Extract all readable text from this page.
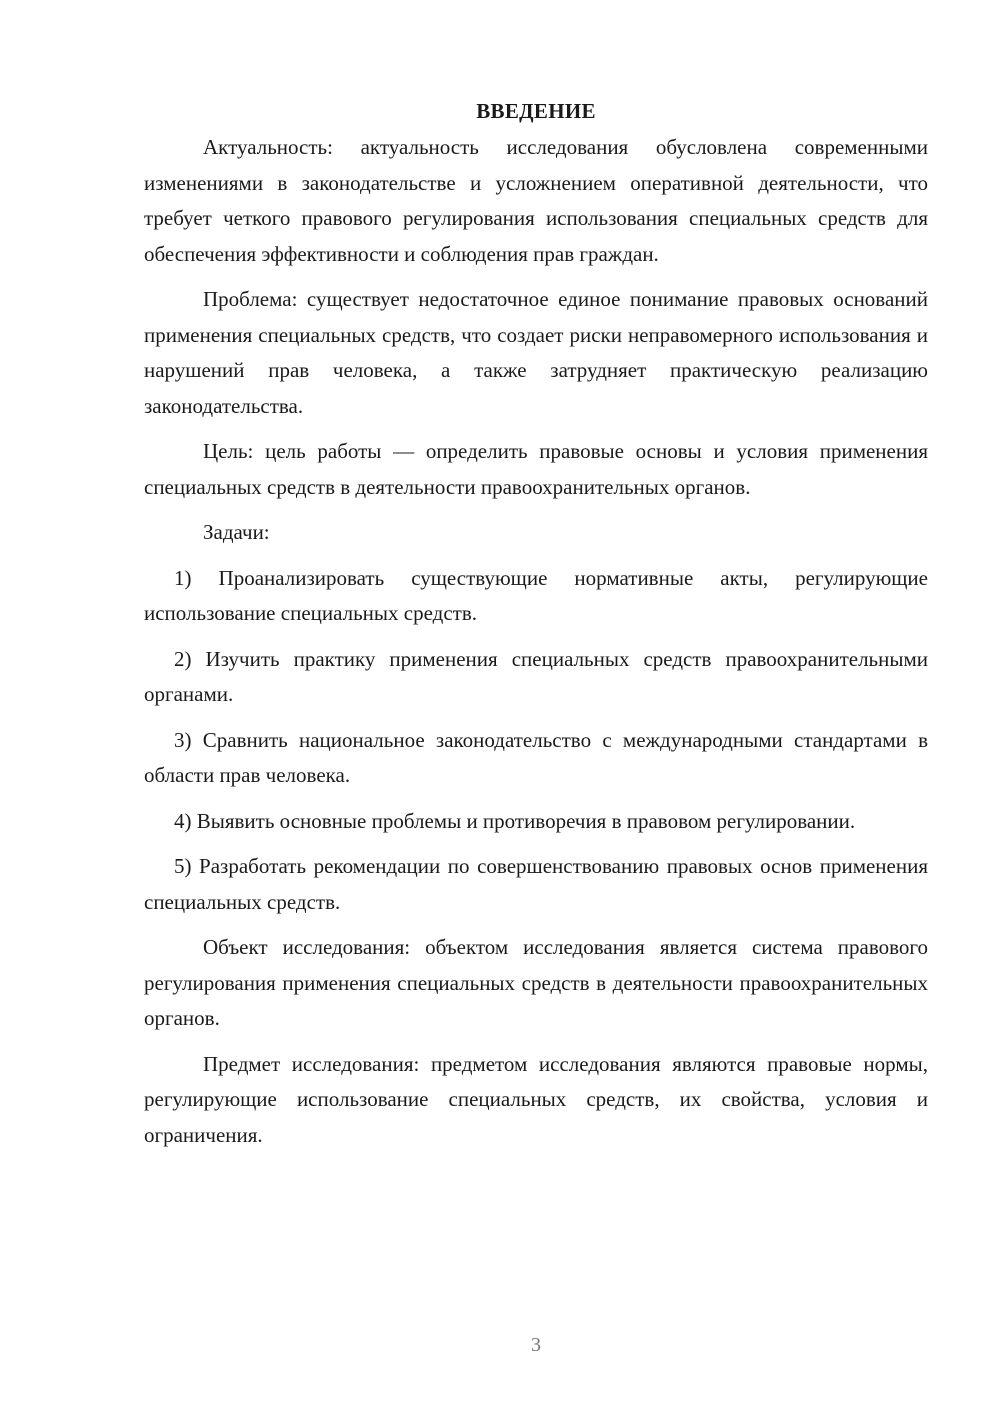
ВВЕДЕНИЕ

Актуальность: актуальность исследования обусловлена современными изменениями в законодательстве и усложнением оперативной деятельности, что требует четкого правового регулирования использования специальных средств для обеспечения эффективности и соблюдения прав граждан.

Проблема: существует недостаточное единое понимание правовых оснований применения специальных средств, что создает риски неправомерного использования и нарушений прав человека, а также затрудняет практическую реализацию законодательства.

Цель: цель работы — определить правовые основы и условия применения специальных средств в деятельности правоохранительных органов.

Задачи:

1) Проанализировать существующие нормативные акты, регулирующие использование специальных средств.

2) Изучить практику применения специальных средств правоохранительными органами.

3) Сравнить национальное законодательство с международными стандартами в области прав человека.

4) Выявить основные проблемы и противоречия в правовом регулировании.

5) Разработать рекомендации по совершенствованию правовых основ применения специальных средств.

Объект исследования: объектом исследования является система правового регулирования применения специальных средств в деятельности правоохранительных органов.

Предмет исследования: предметом исследования являются правовые нормы, регулирующие использование специальных средств, их свойства, условия и ограничения.

3
